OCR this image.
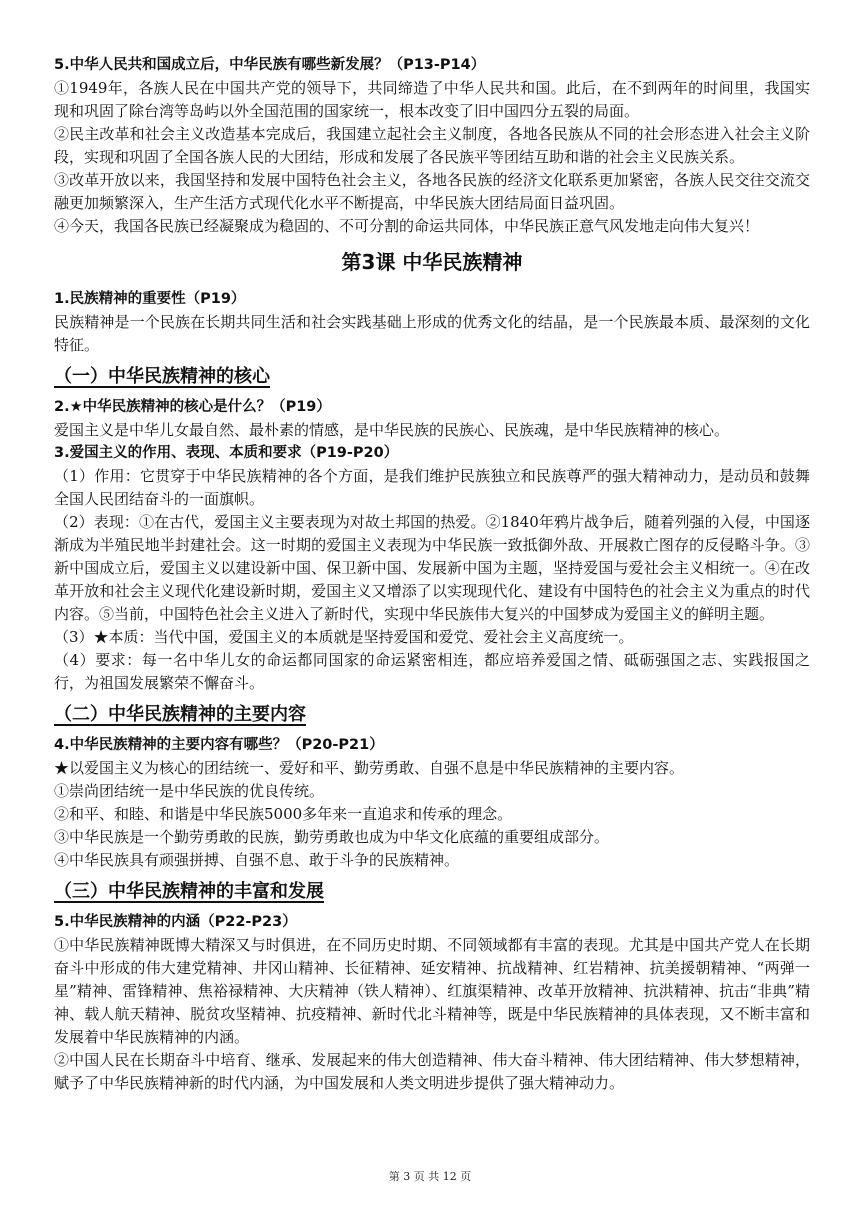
5.中华人民共和国成立后，中华民族有哪些新发展？（P13-P14）

①1949年，各族人民在中国共产党的领导下，共同缔造了中华人民共和国。此后，在不到两年的时间里，我国实现和巩固了除台湾等岛屿以外全国范围的国家统一，根本改变了旧中国四分五裂的局面。

②民主改革和社会主义改造基本完成后，我国建立起社会主义制度，各地各民族从不同的社会形态进入社会主义阶段，实现和巩固了全国各族人民的大团结，形成和发展了各民族平等团结互助和谐的社会主义民族关系。

③改革开放以来，我国坚持和发展中国特色社会主义，各地各民族的经济文化联系更加紧密，各族人民交往交流交融更加频繁深入，生产生活方式现代化水平不断提高，中华民族大团结局面日益巩固。

④今天，我国各民族已经凝聚成为稳固的、不可分割的命运共同体，中华民族正意气风发地走向伟大复兴！

第3课 中华民族精神

1.民族精神的重要性（P19）

民族精神是一个民族在长期共同生活和社会实践基础上形成的优秀文化的结晶，是一个民族最本质、最深刻的文化特征。

（一）中华民族精神的核心

2.★中华民族精神的核心是什么？（P19）

爱国主义是中华儿女最自然、最朴素的情感，是中华民族的民族心、民族魂，是中华民族精神的核心。

3.爱国主义的作用、表现、本质和要求（P19-P20）

（1）作用：它贯穿于中华民族精神的各个方面，是我们维护民族独立和民族尊严的强大精神动力，是动员和鼓舞全国人民团结奋斗的一面旗帜。

（2）表现：①在古代，爱国主义主要表现为对故土邦国的热爱。②1840年鸦片战争后，随着列强的入侵，中国逐渐成为半殖民地半封建社会。这一时期的爱国主义表现为中华民族一致抵御外敌、开展救亡图存的反侵略斗争。③新中国成立后，爱国主义以建设新中国、保卫新中国、发展新中国为主题，坚持爱国与爱社会主义相统一。④在改革开放和社会主义现代化建设新时期，爱国主义又增添了以实现现代化、建设有中国特色的社会主义为重点的时代内容。⑤当前，中国特色社会主义进入了新时代，实现中华民族伟大复兴的中国梦成为爱国主义的鲜明主题。

（3）★本质：当代中国，爱国主义的本质就是坚持爱国和爱党、爱社会主义高度统一。

（4）要求：每一名中华儿女的命运都同国家的命运紧密相连，都应培养爱国之情、砥砺强国之志、实践报国之行，为祖国发展繁荣不懈奋斗。

（二）中华民族精神的主要内容

4.中华民族精神的主要内容有哪些？（P20-P21）

★以爱国主义为核心的团结统一、爱好和平、勤劳勇敢、自强不息是中华民族精神的主要内容。

①崇尚团结统一是中华民族的优良传统。

②和平、和睦、和谐是中华民族5000多年来一直追求和传承的理念。

③中华民族是一个勤劳勇敢的民族，勤劳勇敢也成为中华文化底蕴的重要组成部分。

④中华民族具有顽强拼搏、自强不息、敢于斗争的民族精神。

（三）中华民族精神的丰富和发展

5.中华民族精神的内涵（P22-P23）

①中华民族精神既博大精深又与时俱进，在不同历史时期、不同领域都有丰富的表现。尤其是中国共产党人在长期奋斗中形成的伟大建党精神、井冈山精神、长征精神、延安精神、抗战精神、红岩精神、抗美援朝精神、“两弹一星”精神、雷锋精神、焦裕禄精神、大庆精神（铁人精神）、红旗渠精神、改革开放精神、抗洪精神、抗击“非典”精神、载人航天精神、脱贫攻坚精神、抗疫精神、新时代北斗精神等，既是中华民族精神的具体表现，又不断丰富和发展着中华民族精神的内涵。

②中国人民在长期奋斗中培育、继承、发展起来的伟大创造精神、伟大奋斗精神、伟大团结精神、伟大梦想精神，赋予了中华民族精神新的时代内涵，为中国发展和人类文明进步提供了强大精神动力。

第 3 页 共 12 页
